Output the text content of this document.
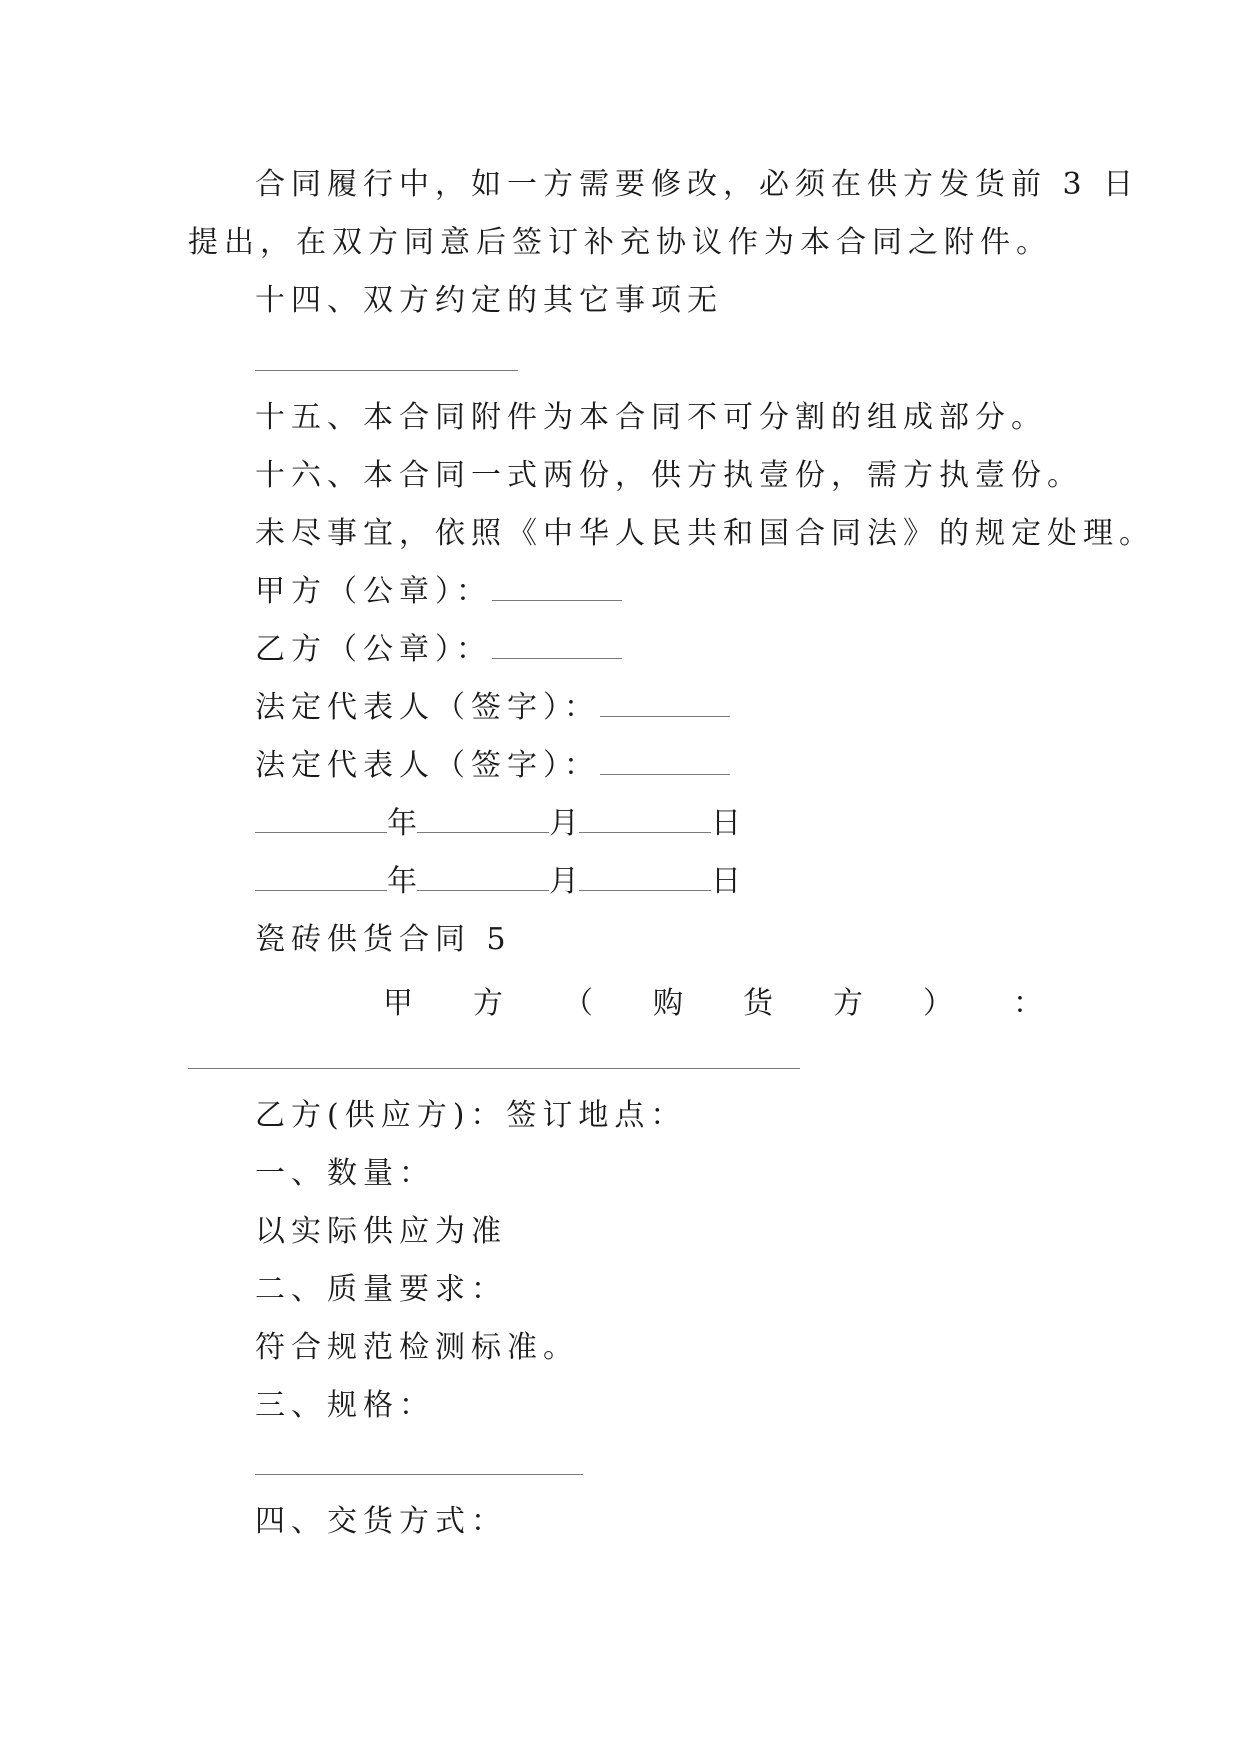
合同履行中，如一方需要修改，必须在供方发货前 3 日
提出，在双方同意后签订补充协议作为本合同之附件。
十四、双方约定的其它事项无
十五、本合同附件为本合同不可分割的组成部分。
十六、本合同一式两份，供方执壹份，需方执壹份。
未尽事宜，依照《中华人民共和国合同法》的规定处理。
甲方（公章）：
乙方（公章）：
法定代表人（签字）：
法定代表人（签字）：
年	月	日
年	月	日
瓷砖供货合同 5
甲 方 （ 购 货 方 ） ：
乙方(供应方)：签订地点：
一、数量：
以实际供应为准
二、质量要求：
符合规范检测标准。
三、规格：
四、交货方式：
